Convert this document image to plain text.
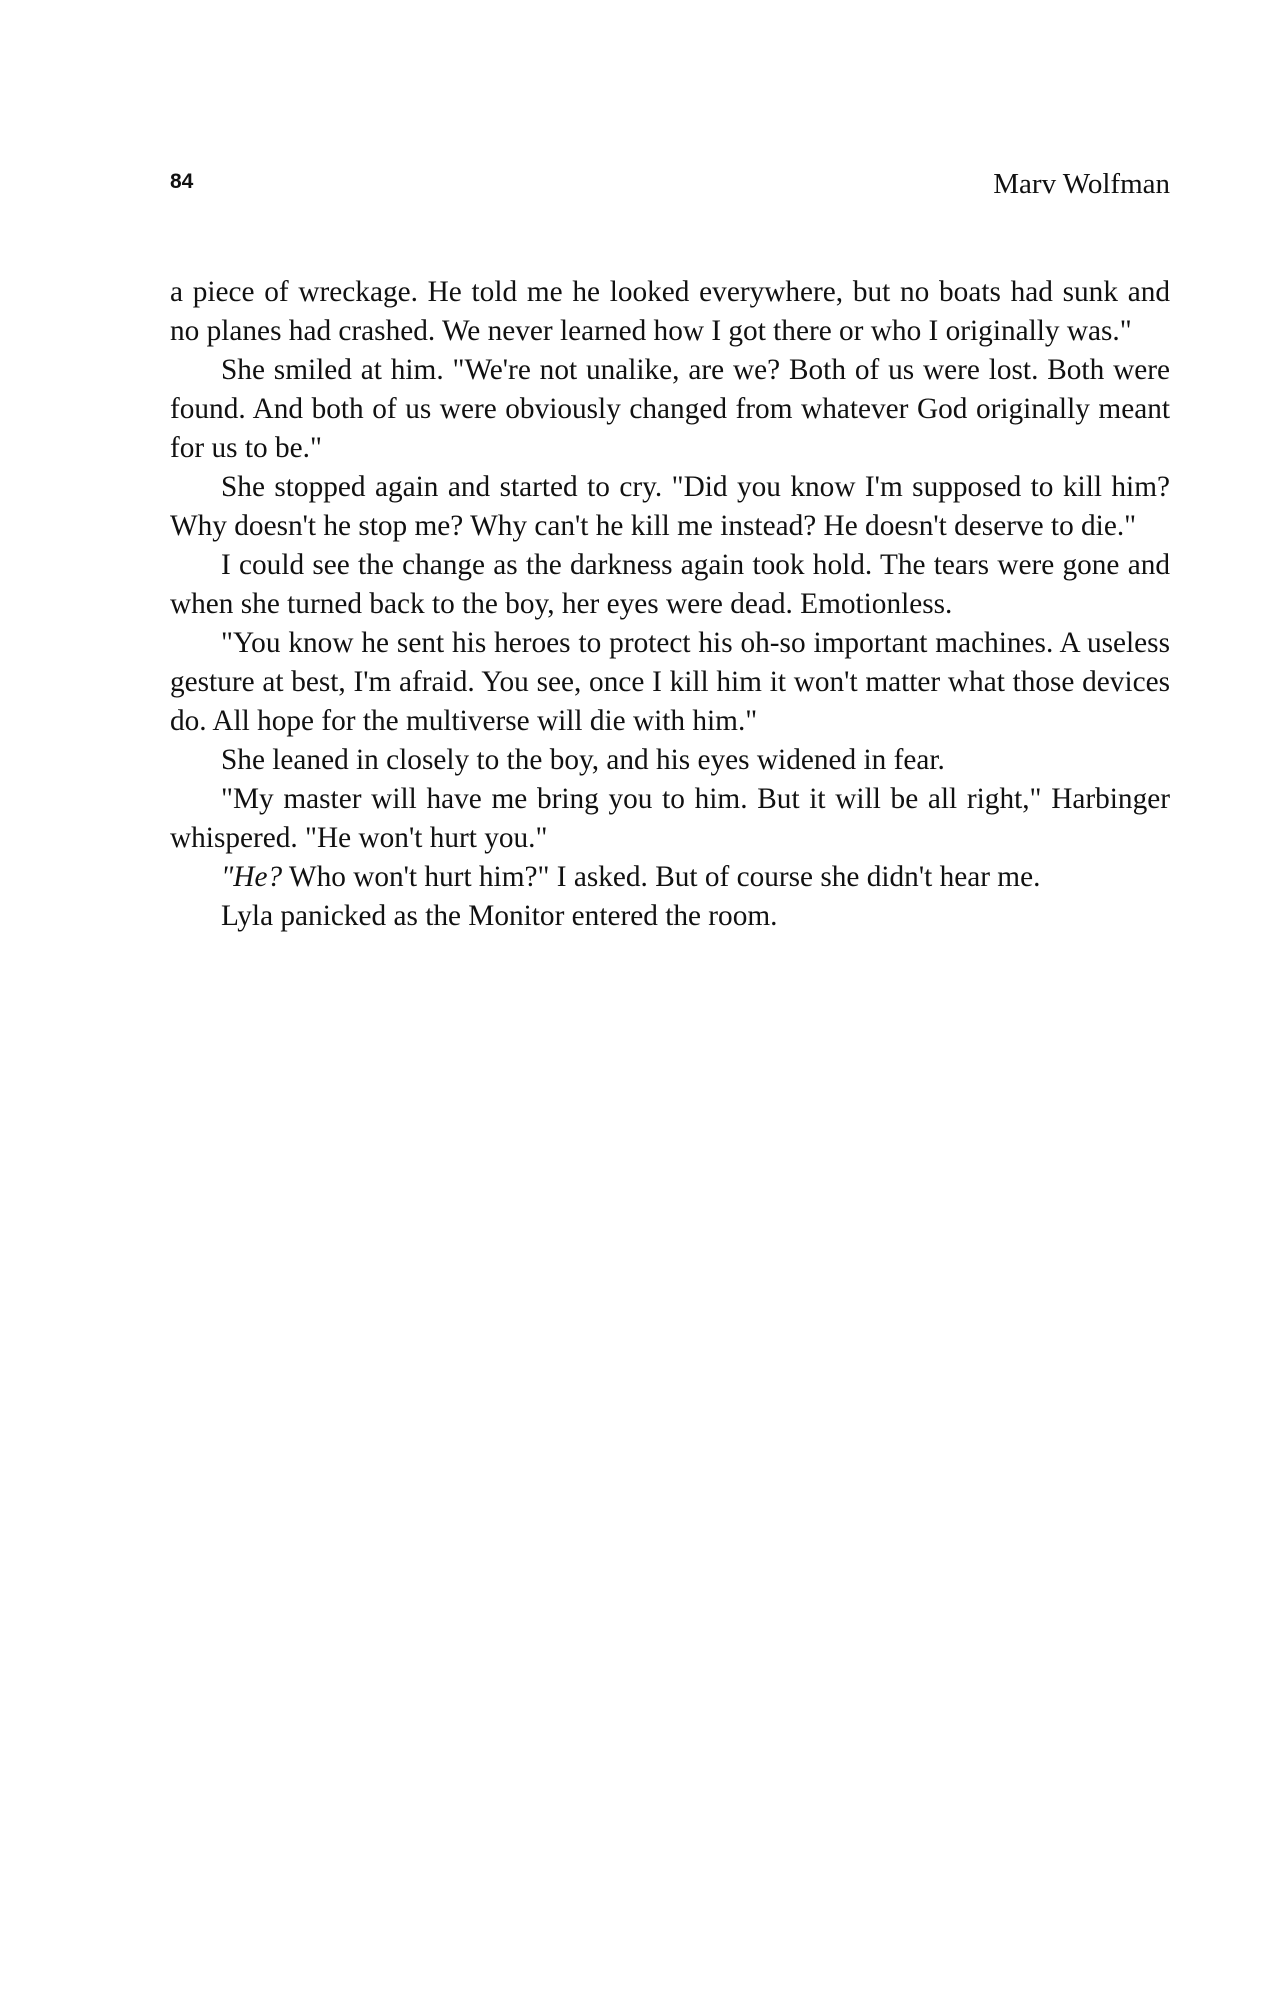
84	Marv Wolfman

a piece of wreckage. He told me he looked everywhere, but no boats had sunk and no planes had crashed. We never learned how I got there or who I originally was."

She smiled at him. "We're not unalike, are we? Both of us were lost. Both were found. And both of us were obviously changed from whatever God originally meant for us to be."

She stopped again and started to cry. "Did you know I'm supposed to kill him? Why doesn't he stop me? Why can't he kill me instead? He doesn't deserve to die."

I could see the change as the darkness again took hold. The tears were gone and when she turned back to the boy, her eyes were dead. Emotionless.

"You know he sent his heroes to protect his oh-so important machines. A useless gesture at best, I'm afraid. You see, once I kill him it won't matter what those devices do. All hope for the multiverse will die with him."

She leaned in closely to the boy, and his eyes widened in fear.

"My master will have me bring you to him. But it will be all right," Harbinger whispered. "He won't hurt you."

"He? Who won't hurt him?" I asked. But of course she didn't hear me.

Lyla panicked as the Monitor entered the room.
